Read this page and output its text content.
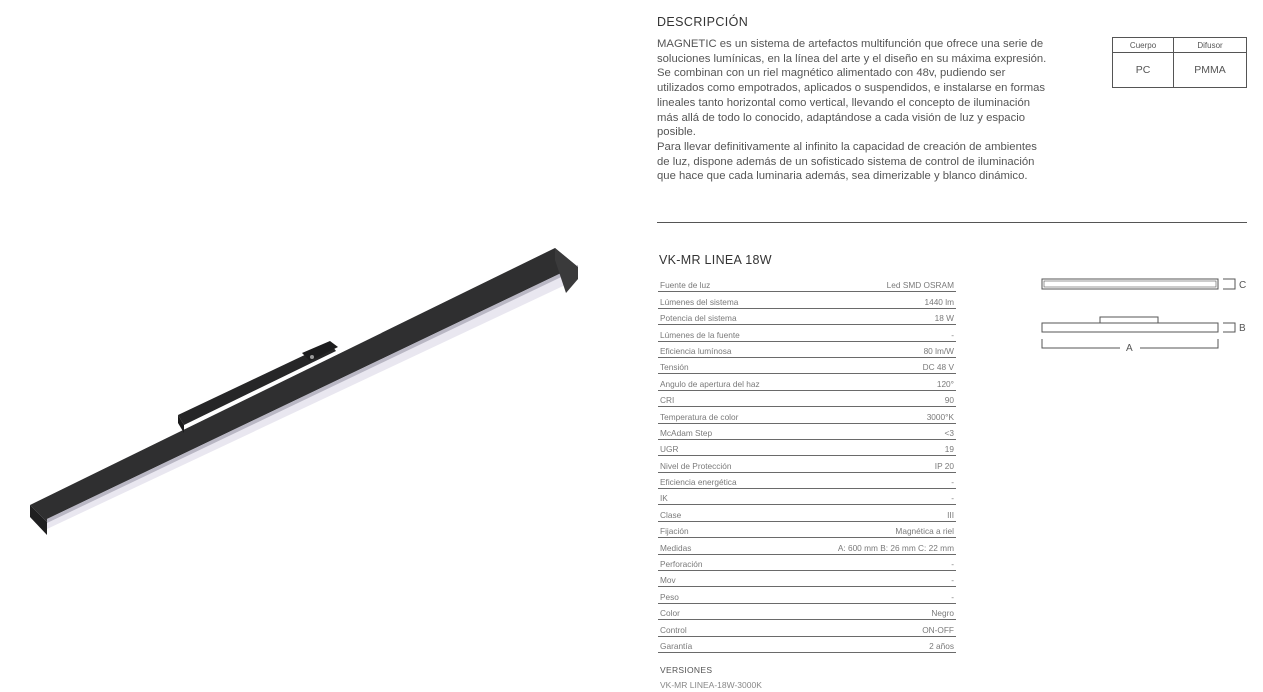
DESCRIPCIÓN

MAGNETIC es un sistema de artefactos multifunción que ofrece una serie de soluciones lumínicas, en la línea del arte y el diseño en su máxima expresión. Se combinan con un riel magnético alimentado con 48v, pudiendo ser utilizados como empotrados, aplicados o suspendidos, e instalarse en formas lineales tanto horizontal como vertical, llevando el concepto de iluminación más allá de todo lo conocido, adaptándose a cada visión de luz y espacio posible.

Para llevar definitivamente al infinito la capacidad de creación de ambientes de luz, dispone además de un sofisticado sistema de control de iluminación que hace que cada luminaria además, sea dimerizable y blanco dinámico.

Cuerpo	Difusor
PC	PMMA
VK-MR LINEA 18W
Fuente de luz	Led SMD OSRAM
Lúmenes del sistema	1440 lm
Potencia del sistema	18 W
Lúmenes de la fuente	-
Eficiencia lumínosa	80 lm/W
Tensión	DC 48 V
Angulo de apertura del haz	120°
CRI	90
Temperatura de color	3000°K
McAdam Step	<3
UGR	19
Nivel de Protección	IP 20
Eficiencia energética	-
IK	-
Clase	III
Fijación	Magnética a riel
Medidas	A: 600 mm B: 26 mm C: 22 mm
Perforación	-
Mov	-
Peso	-
Color	Negro
Control	ON-OFF
Garantía	2 años
VERSIONES
VK-MR LINEA-18W-3000K
C
B
A
